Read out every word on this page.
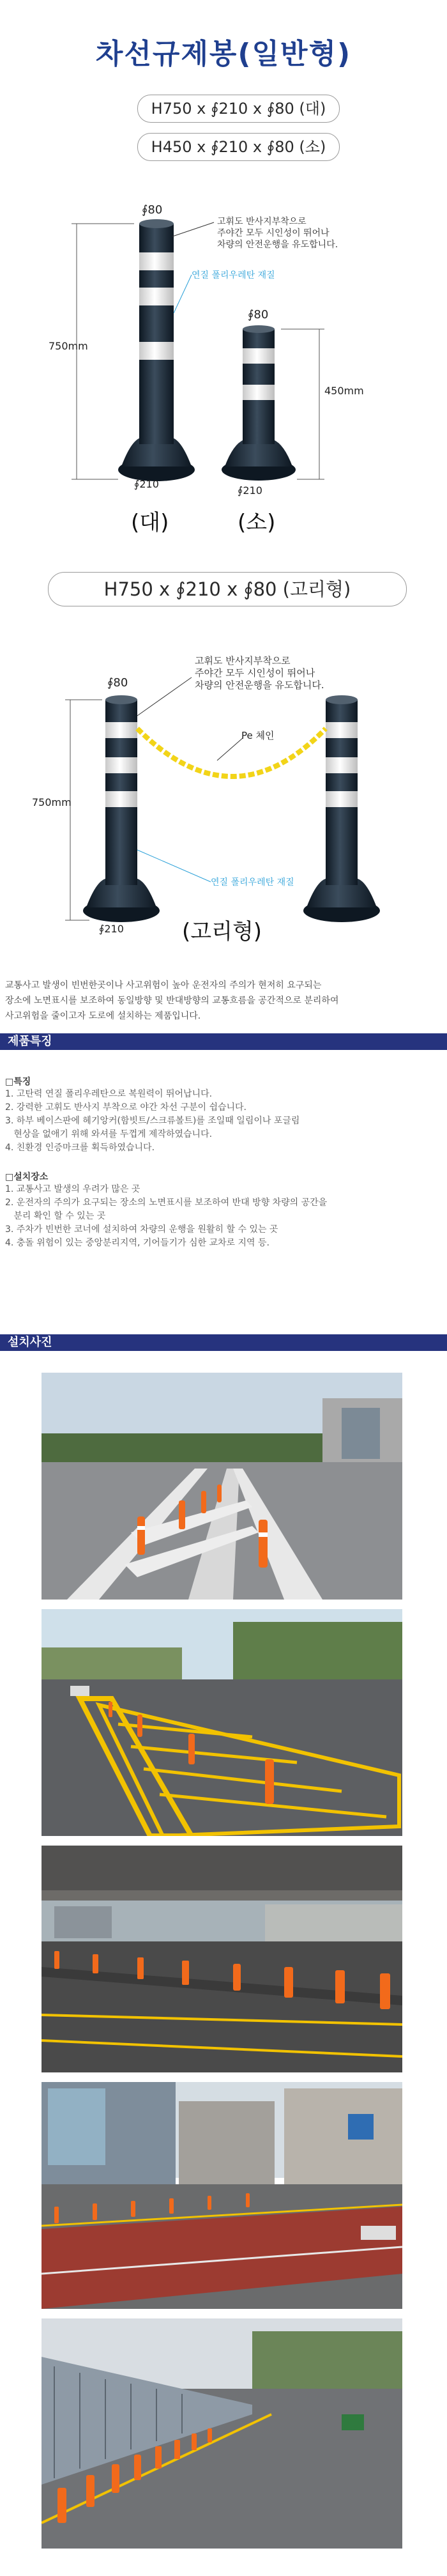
차선규제봉(일반형)
H750 x ∮210 x ∮80 (대)
H450 x ∮210 x ∮80 (소)
∮80
∮80
750mm
450mm
∮210
∮210
고휘도 반사지부착으로
주야간 모두 시인성이 뛰어나
차량의 안전운행을 유도합니다.
연질 폴리우레탄 재질
(대)	(소)
H750 x ∮210 x ∮80 (고리형)
∮80
750mm
∮210
고휘도 반사지부착으로
주야간 모두 시인성이 뛰어나
차량의 안전운행을 유도합니다.
Pe 체인
연질 폴리우레탄 재질
(고리형)
교통사고 발생이 빈번한곳이나 사고위험이 높아 운전자의 주의가 현저히 요구되는
장소에 노면표시를 보조하여 동일방향 및 반대방향의 교통흐름을 공간적으로 분리하여
사고위험을 줄이고자 도로에 설치하는 제품입니다.
제품특징
□특징
1. 고탄력 연질 폴리우레탄으로 복원력이 뛰어납니다.
2. 강력한 고휘도 반사지 부착으로 야간 차선 구분이 쉽습니다.
3. 하부 베이스판에 헤기앙커(함빗트/스크류볼트)를 조일때 일림이나 포글림
현상을 없애기 위해 와셔를 두껍게 제작하였습니다.
4. 친환경 인증마크를 획득하였습니다.
□설치장소
1. 교통사고 발생의 우려가 많은 곳
2. 운전자의 주의가 요구되는 장소의 노면표시를 보조하여 반대 방향 차량의 공간을
분리 확인 할 수 있는 곳
3. 주차가 빈번한 코너에 설치하여 차량의 운행을 원활히 할 수 있는 곳
4. 충돌 위험이 있는 중앙분리지역, 기어들기가 심한 교차로 지역 등.
설치사진
